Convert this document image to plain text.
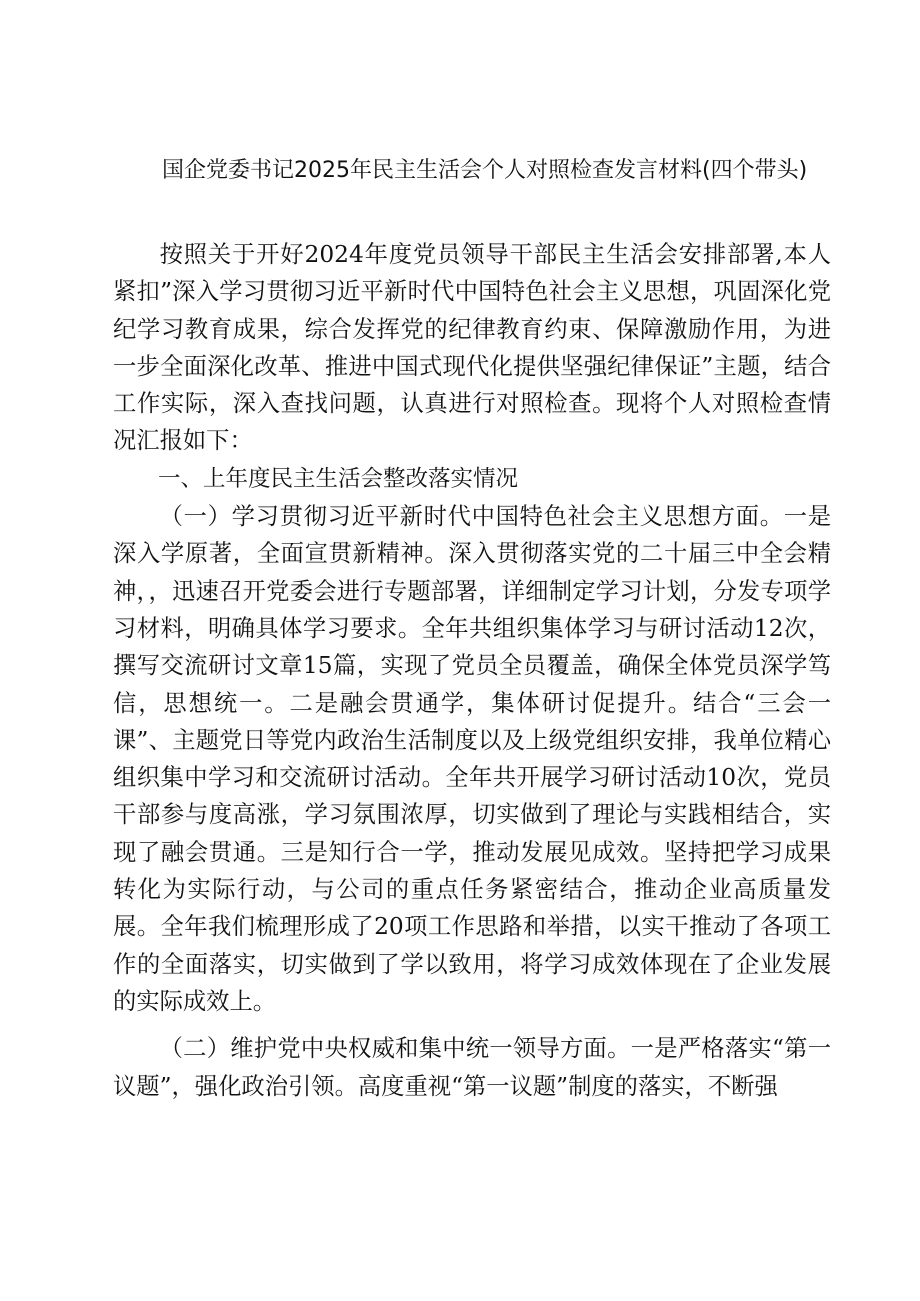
国企党委书记2025年民主生活会个人对照检查发言材料(四个带头)

按照关于开好2024年度党员领导干部民主生活会安排部署,本人紧扣”深入学习贯彻习近平新时代中国特色社会主义思想，巩固深化党纪学习教育成果，综合发挥党的纪律教育约束、保障激励作用，为进一步全面深化改革、推进中国式现代化提供坚强纪律保证”主题，结合工作实际，深入查找问题，认真进行对照检查。现将个人对照检查情况汇报如下：

一、上年度民主生活会整改落实情况

（一）学习贯彻习近平新时代中国特色社会主义思想方面。一是深入学原著，全面宣贯新精神。深入贯彻落实党的二十届三中全会精神，，迅速召开党委会进行专题部署，详细制定学习计划，分发专项学习材料，明确具体学习要求。全年共组织集体学习与研讨活动12次，撰写交流研讨文章15篇，实现了党员全员覆盖，确保全体党员深学笃信，思想统一。二是融会贯通学，集体研讨促提升。结合“三会一课”、主题党日等党内政治生活制度以及上级党组织安排，我单位精心组织集中学习和交流研讨活动。全年共开展学习研讨活动10次，党员干部参与度高涨，学习氛围浓厚，切实做到了理论与实践相结合，实现了融会贯通。三是知行合一学，推动发展见成效。坚持把学习成果转化为实际行动，与公司的重点任务紧密结合，推动企业高质量发展。全年我们梳理形成了20项工作思路和举措，以实干推动了各项工作的全面落实，切实做到了学以致用，将学习成效体现在了企业发展的实际成效上。

（二）维护党中央权威和集中统一领导方面。一是严格落实“第一议题”，强化政治引领。高度重视“第一议题”制度的落实，不断强
